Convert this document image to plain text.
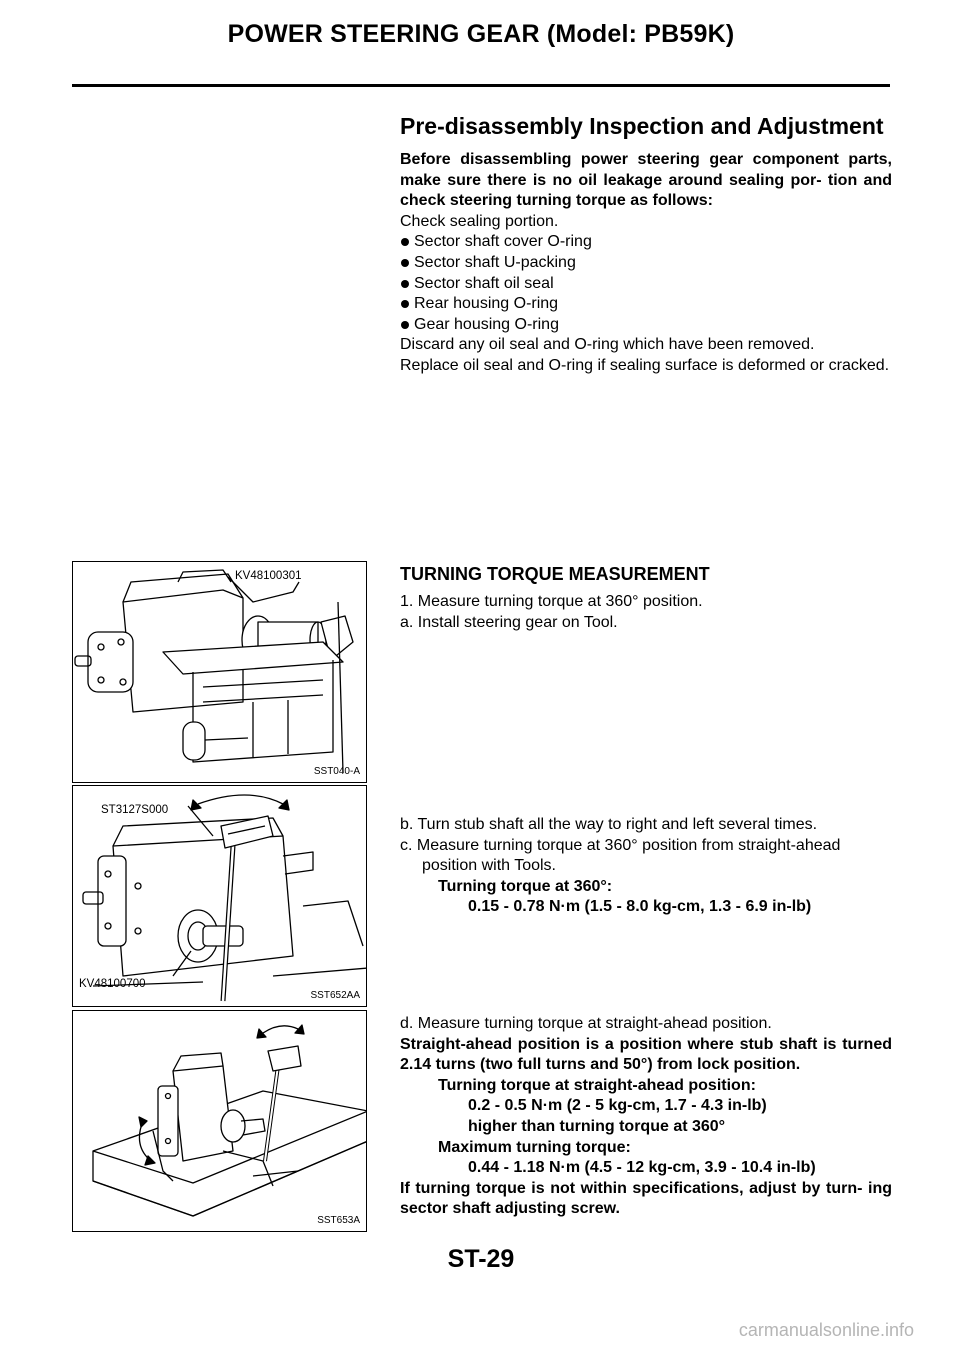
POWER STEERING GEAR (Model: PB59K)
Pre-disassembly Inspection and Adjustment
Before disassembling power steering gear component parts, make sure there is no oil leakage around sealing por- tion and check steering turning torque as follows:
Check sealing portion.
Sector shaft cover O-ring
Sector shaft U-packing
Sector shaft oil seal
Rear housing O-ring
Gear housing O-ring
Discard any oil seal and O-ring which have been removed.
Replace oil seal and O-ring if sealing surface is deformed or cracked.
TURNING TORQUE MEASUREMENT
1. Measure turning torque at 360° position.
a. Install steering gear on Tool.
b. Turn stub shaft all the way to right and left several times.
c. Measure turning torque at 360° position from straight-ahead position with Tools.
Turning torque at 360°:
0.15 - 0.78 N·m (1.5 - 8.0 kg-cm, 1.3 - 6.9 in-lb)
d. Measure turning torque at straight-ahead position.
Straight-ahead position is a position where stub shaft is turned 2.14 turns (two full turns and 50°) from lock position.
Turning torque at straight-ahead position:
0.2 - 0.5 N·m (2 - 5 kg-cm, 1.7 - 4.3 in-lb)
higher than turning torque at 360°
Maximum turning torque:
0.44 - 1.18 N·m (4.5 - 12 kg-cm, 3.9 - 10.4 in-lb)
If turning torque is not within specifications, adjust by turn- ing sector shaft adjusting screw.
KV48100301
SST040-A
ST3127S000
KV48100700
SST652AA
SST653A
ST-29
carmanualsonline.info
